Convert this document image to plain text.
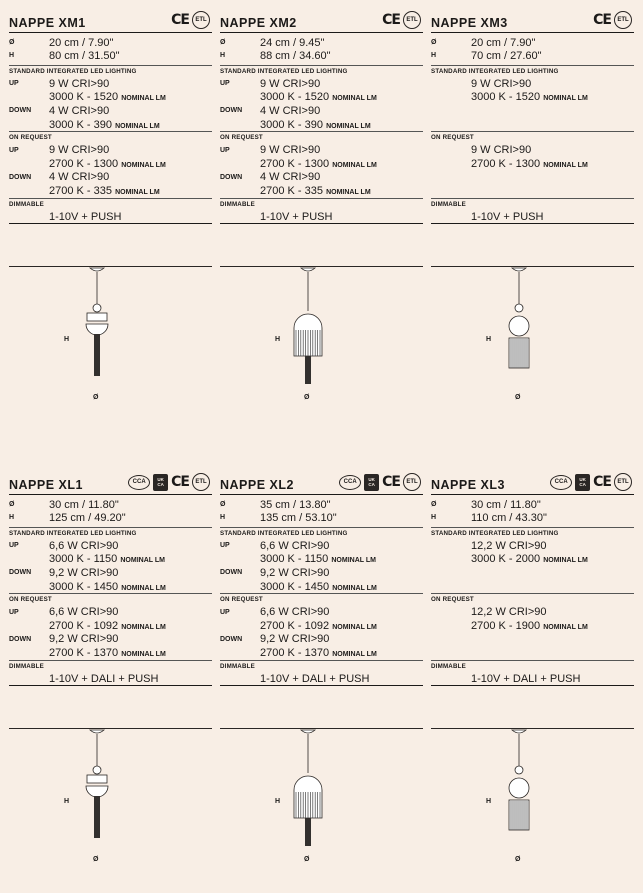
NAPPE XM1	CE	ETL
Ø	20 cm / 7.90"
H	80 cm / 31.50"
STANDARD INTEGRATED LED LIGHTING
UP	9 W CRI>90
3000 K - 1520 NOMINAL LM
DOWN	4 W CRI>90
3000 K - 390 NOMINAL LM
ON REQUEST
UP	9 W CRI>90
2700 K - 1300 NOMINAL LM
DOWN	4 W CRI>90
2700 K - 335 NOMINAL LM
DIMMABLE
1-10V + PUSH
H
Ø
NAPPE XM2	CE	ETL
Ø	24 cm / 9.45"
H	88 cm / 34.60"
STANDARD INTEGRATED LED LIGHTING
UP	9 W CRI>90
3000 K - 1520 NOMINAL LM
DOWN	4 W CRI>90
3000 K - 390 NOMINAL LM
ON REQUEST
UP	9 W CRI>90
2700 K - 1300 NOMINAL LM
DOWN	4 W CRI>90
2700 K - 335 NOMINAL LM
DIMMABLE
1-10V + PUSH
H
Ø
NAPPE XM3	CE	ETL
Ø	20 cm / 7.90"
H	70 cm / 27.60"
STANDARD INTEGRATED LED LIGHTING
9 W CRI>90
3000 K - 1520 NOMINAL LM
ON REQUEST
9 W CRI>90
2700 K - 1300 NOMINAL LM
DIMMABLE
1-10V + PUSH
H
Ø
NAPPE XL1	CCA	UK CA CE	ETL
Ø	30 cm / 11.80"
H	125 cm / 49.20"
STANDARD INTEGRATED LED LIGHTING
UP	6,6 W CRI>90
3000 K - 1150 NOMINAL LM
DOWN	9,2 W CRI>90
3000 K - 1450 NOMINAL LM
ON REQUEST
UP	6,6 W CRI>90
2700 K - 1092 NOMINAL LM
DOWN	9,2 W CRI>90
2700 K - 1370 NOMINAL LM
DIMMABLE
1-10V + DALI + PUSH
H
Ø
NAPPE XL2	CCA	UK CA CE	ETL
Ø	35 cm / 13.80"
H	135 cm / 53.10"
STANDARD INTEGRATED LED LIGHTING
UP	6,6 W CRI>90
3000 K - 1150 NOMINAL LM
DOWN	9,2 W CRI>90
3000 K - 1450 NOMINAL LM
ON REQUEST
UP	6,6 W CRI>90
2700 K - 1092 NOMINAL LM
DOWN	9,2 W CRI>90
2700 K - 1370 NOMINAL LM
DIMMABLE
1-10V + DALI + PUSH
H
Ø
NAPPE XL3	CCA	UK CA CE	ETL
Ø	30 cm / 11.80"
H	110 cm / 43.30"
STANDARD INTEGRATED LED LIGHTING
12,2 W CRI>90
3000 K - 2000 NOMINAL LM
ON REQUEST
12,2 W CRI>90
2700 K - 1900 NOMINAL LM
DIMMABLE
1-10V + DALI + PUSH
H
Ø
